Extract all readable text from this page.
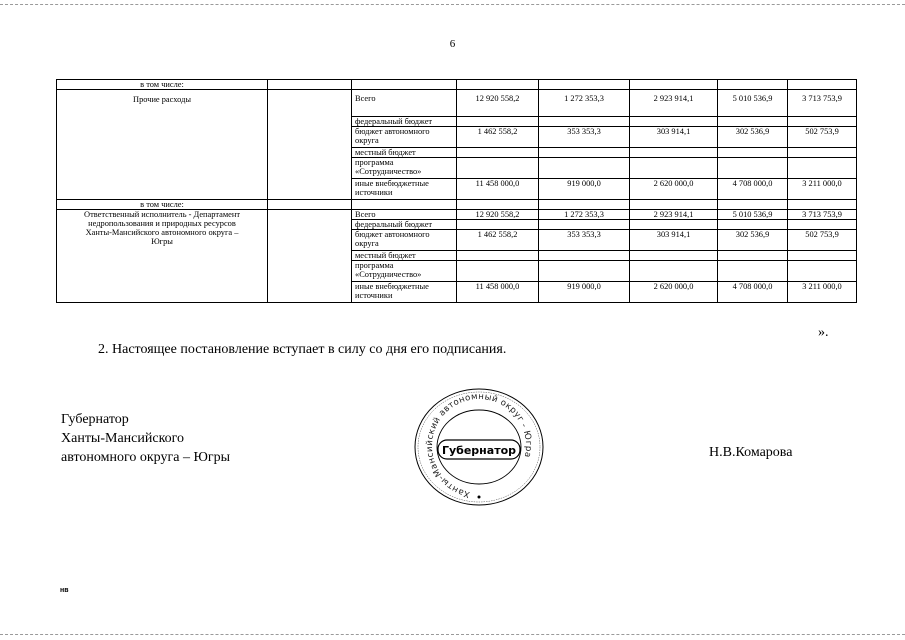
6
в том числе:							

Прочие расходы		Всего	12 920 558,2	1 272 353,3	2 923 914,1	5 010 536,9	3 713 753,9
		федеральный бюджет					
		бюджет автономного округа	1 462 558,2	353 353,3	303 914,1	302 536,9	502 753,9
		местный бюджет					
		программа «Сотрудничество»					
		иные внебюджетные источники	11 458 000,0	919 000,0	2 620 000,0	4 708 000,0	3 211 000,0
в том числе:							

Ответственный исполнитель - Департамент
недропользования и природных ресурсов
Ханты-Мансийского автономного округа –
Югры		Всего	12 920 558,2	1 272 353,3	2 923 914,1	5 010 536,9	3 713 753,9
		федеральный бюджет					
		бюджет автономного округа	1 462 558,2	353 353,3	303 914,1	302 536,9	502 753,9
		местный бюджет					
		программа «Сотрудничество»					
		иные внебюджетные источники	11 458 000,0	919 000,0	2 620 000,0	4 708 000,0	3 211 000,0
».
2. Настоящее постановление вступает в силу со дня его подписания.
Губернатор
Ханты-Мансийского
автономного округа – Югры
Ханты-Мансийский автономный округ - Югра
Губернатор	Н.В.Комарова
нв
